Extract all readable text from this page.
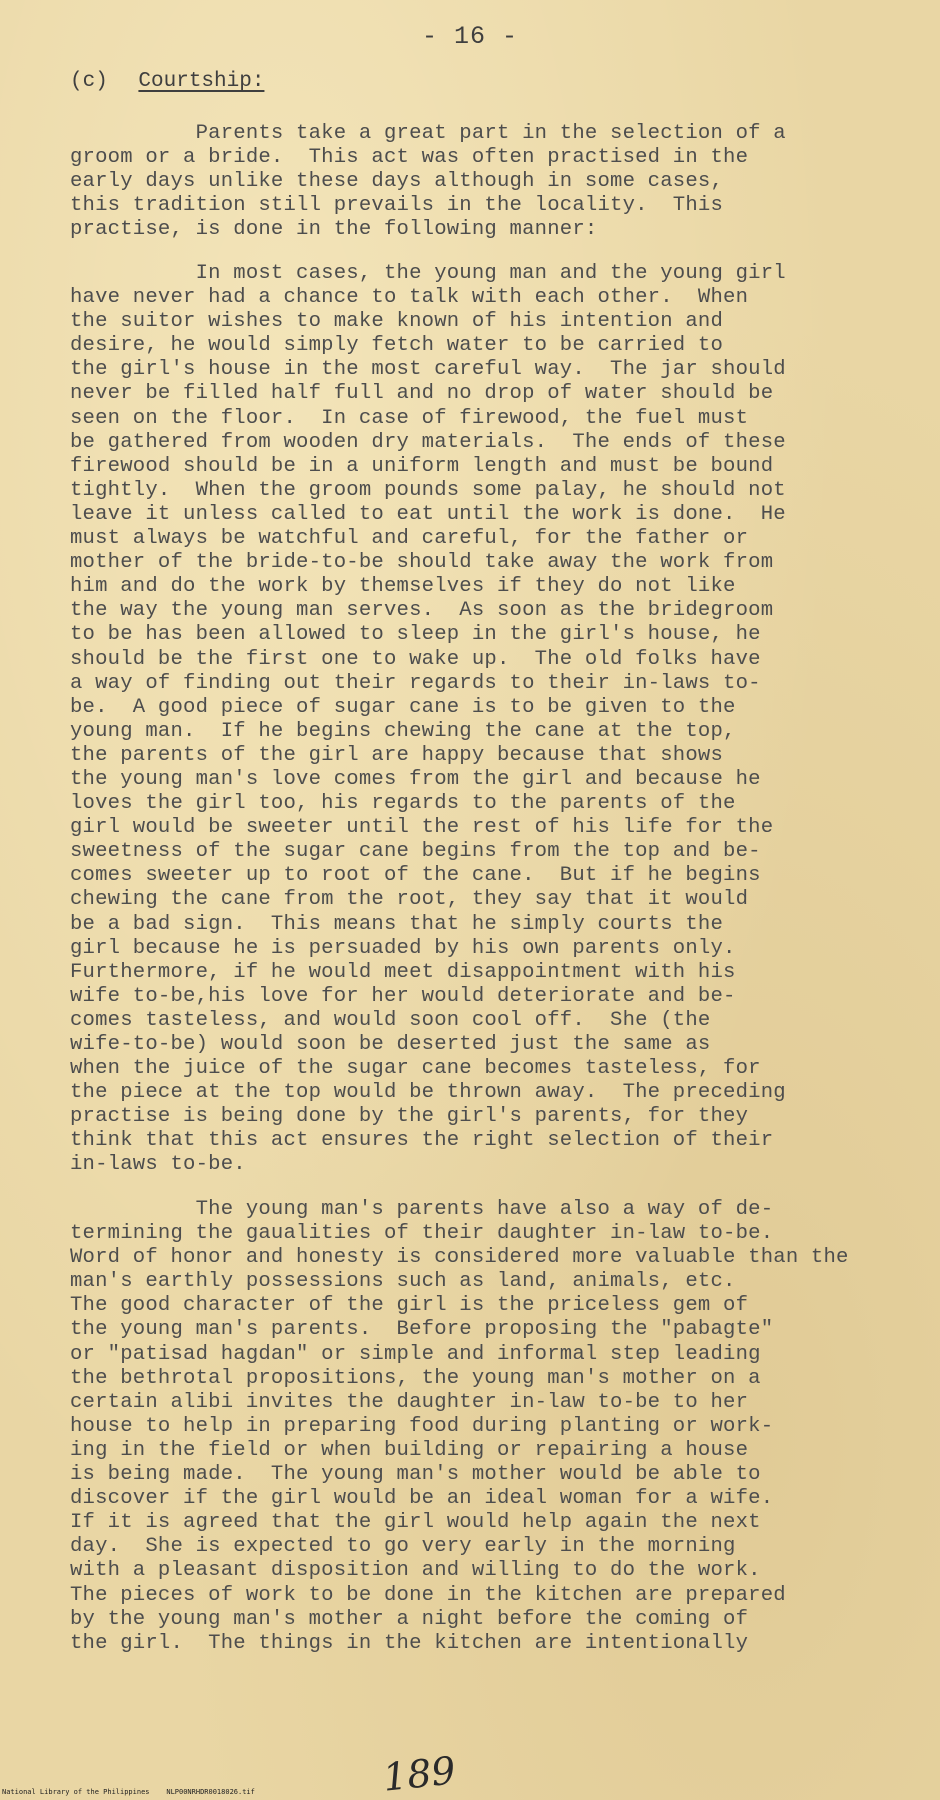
- 16 -
(c) Courtship:
Parents take a great part in the selection of a
groom or a bride.  This act was often practised in the
early days unlike these days although in some cases,
this tradition still prevails in the locality.  This
practise, is done in the following manner:
In most cases, the young man and the young girl
have never had a chance to talk with each other.  When
the suitor wishes to make known of his intention and
desire, he would simply fetch water to be carried to
the girl's house in the most careful way.  The jar should
never be filled half full and no drop of water should be
seen on the floor.  In case of firewood, the fuel must
be gathered from wooden dry materials.  The ends of these
firewood should be in a uniform length and must be bound
tightly.  When the groom pounds some palay, he should not
leave it unless called to eat until the work is done.  He
must always be watchful and careful, for the father or
mother of the bride-to-be should take away the work from
him and do the work by themselves if they do not like
the way the young man serves.  As soon as the bridegroom
to be has been allowed to sleep in the girl's house, he
should be the first one to wake up.  The old folks have
a way of finding out their regards to their in-laws to-
be.  A good piece of sugar cane is to be given to the
young man.  If he begins chewing the cane at the top,
the parents of the girl are happy because that shows
the young man's love comes from the girl and because he
loves the girl too, his regards to the parents of the
girl would be sweeter until the rest of his life for the
sweetness of the sugar cane begins from the top and be-
comes sweeter up to root of the cane.  But if he begins
chewing the cane from the root, they say that it would
be a bad sign.  This means that he simply courts the
girl because he is persuaded by his own parents only.
Furthermore, if he would meet disappointment with his
wife to-be,his love for her would deteriorate and be-
comes tasteless, and would soon cool off.  She (the
wife-to-be) would soon be deserted just the same as
when the juice of the sugar cane becomes tasteless, for
the piece at the top would be thrown away.  The preceding
practise is being done by the girl's parents, for they
think that this act ensures the right selection of their
in-laws to-be.
The young man's parents have also a way of de-
termining the gaualities of their daughter in-law to-be.
Word of honor and honesty is considered more valuable than the
man's earthly possessions such as land, animals, etc.
The good character of the girl is the priceless gem of
the young man's parents.  Before proposing the "pabagte"
or "patisad hagdan" or simple and informal step leading
the bethrotal propositions, the young man's mother on a
certain alibi invites the daughter in-law to-be to her
house to help in preparing food during planting or work-
ing in the field or when building or repairing a house
is being made.  The young man's mother would be able to
discover if the girl would be an ideal woman for a wife.
If it is agreed that the girl would help again the next
day.  She is expected to go very early in the morning
with a pleasant disposition and willing to do the work.
The pieces of work to be done in the kitchen are prepared
by the young man's mother a night before the coming of
the girl.  The things in the kitchen are intentionally
189
National Library of the Philippines    NLP00NRHDR0018026.tif
